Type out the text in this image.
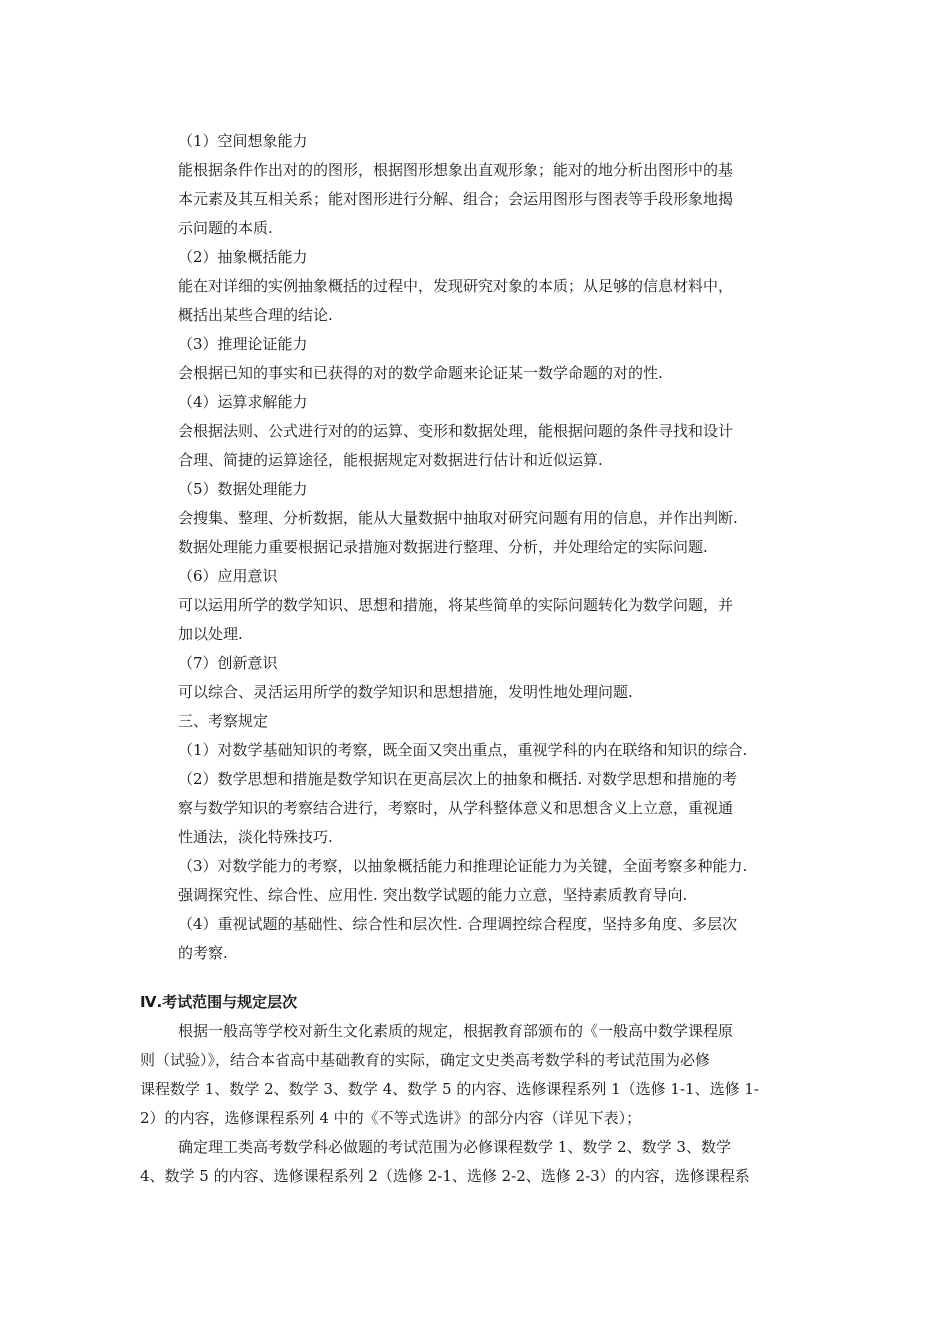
（1）空间想象能力
能根据条件作出对的的图形，根据图形想象出直观形象；能对的地分析出图形中的基
本元素及其互相关系；能对图形进行分解、组合；会运用图形与图表等手段形象地揭
示问题的本质.
（2）抽象概括能力
能在对详细的实例抽象概括的过程中，发现研究对象的本质；从足够的信息材料中，
概括出某些合理的结论.
（3）推理论证能力
会根据已知的事实和已获得的对的数学命题来论证某一数学命题的对的性.
（4）运算求解能力
会根据法则、公式进行对的的运算、变形和数据处理，能根据问题的条件寻找和设计
合理、简捷的运算途径，能根据规定对数据进行估计和近似运算.
（5）数据处理能力
会搜集、整理、分析数据，能从大量数据中抽取对研究问题有用的信息，并作出判断.
数据处理能力重要根据记录措施对数据进行整理、分析，并处理给定的实际问题.
（6）应用意识
可以运用所学的数学知识、思想和措施，将某些简单的实际问题转化为数学问题，并
加以处理.
（7）创新意识
可以综合、灵活运用所学的数学知识和思想措施，发明性地处理问题.
三、考察规定
（1）对数学基础知识的考察，既全面又突出重点，重视学科的内在联络和知识的综合.
（2）数学思想和措施是数学知识在更高层次上的抽象和概括. 对数学思想和措施的考
察与数学知识的考察结合进行，考察时，从学科整体意义和思想含义上立意，重视通
性通法，淡化特殊技巧.
（3）对数学能力的考察，以抽象概括能力和推理论证能力为关键，全面考察多种能力.
强调探究性、综合性、应用性. 突出数学试题的能力立意，坚持素质教育导向.
（4）重视试题的基础性、综合性和层次性. 合理调控综合程度，坚持多角度、多层次
的考察.
Ⅳ.考试范围与规定层次
根据一般高等学校对新生文化素质的规定，根据教育部颁布的《一般高中数学课程原
则（试验）》，结合本省高中基础教育的实际，确定文史类高考数学科的考试范围为必修
课程数学 1、数学 2、数学 3、数学 4、数学 5 的内容、选修课程系列 1（选修 1-1、选修 1-
2）的内容，选修课程系列 4 中的《不等式选讲》的部分内容（详见下表）；
确定理工类高考数学科必做题的考试范围为必修课程数学 1、数学 2、数学 3、数学
4、数学 5 的内容、选修课程系列 2（选修 2-1、选修 2-2、选修 2-3）的内容，选修课程系
